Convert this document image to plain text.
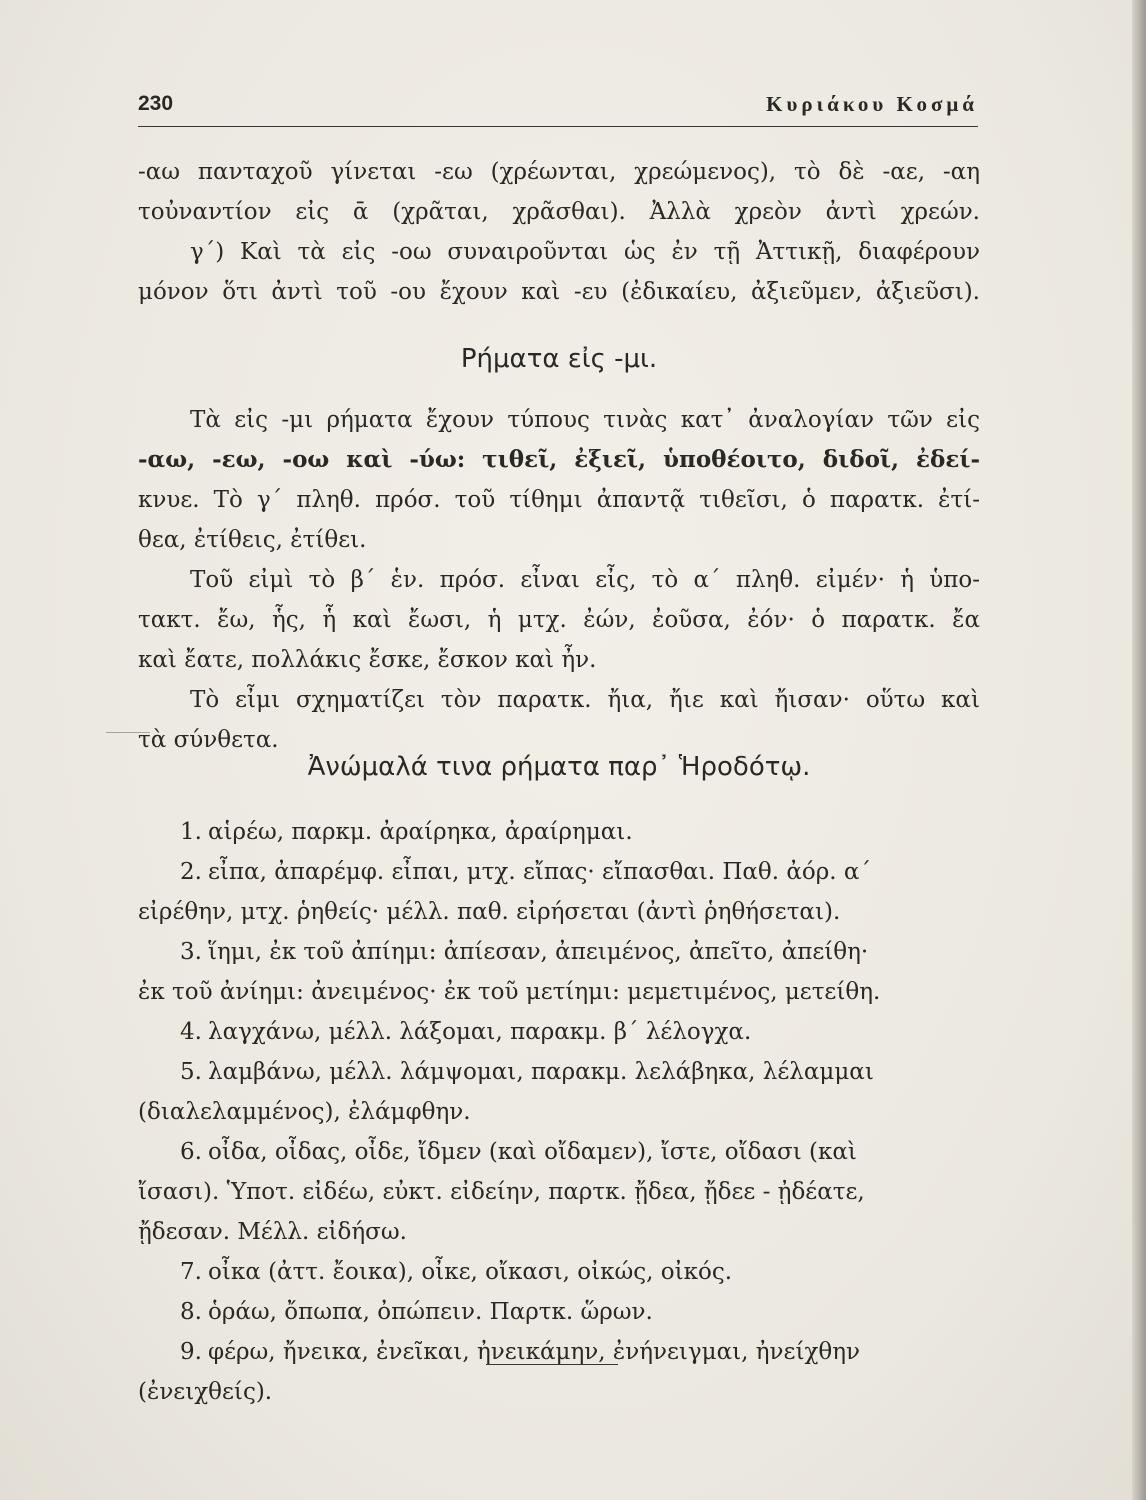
230	Κυριάκου Κοσμά
-αω πανταχοῦ γίνεται -εω (χρέωνται, χρεώμενος), τὸ δὲ -αε, -αη
τοὐναντίον εἰς ᾱ (χρᾶται, χρᾶσθαι). Ἀλλὰ χρεὸν ἀντὶ χρεών.
γ΄) Καὶ τὰ εἰς -οω συναιροῦνται ὡς ἐν τῇ Ἀττικῇ, διαφέρουν
μόνον ὅτι ἀντὶ τοῦ -ου ἔχουν καὶ -ευ (ἐδικαίευ, ἀξιεῦμεν, ἀξιεῦσι).
Ρήματα εἰς -μι.
Τὰ εἰς -μι ρήματα ἔχουν τύπους τινὰς κατ᾿ ἀναλογίαν τῶν εἰς
-αω, -εω, -οω καὶ -ύω: τιθεῖ, ἐξιεῖ, ὑποθέοιτο, διδοῖ, ἐδεί-
κνυε. Τὸ γ΄ πληθ. πρόσ. τοῦ τίθημι ἀπαντᾷ τιθεῖσι, ὁ παρατκ. ἐτί-
θεα, ἐτίθεις, ἐτίθει.
Τοῦ εἰμὶ τὸ β΄ ἑν. πρόσ. εἶναι εἶς, τὸ α΄ πληθ. εἰμέν· ἡ ὑπο-
τακτ. ἔω, ἧς, ἧ καὶ ἔωσι, ἡ μτχ. ἐών, ἐοῦσα, ἐόν· ὁ παρατκ. ἔα
καὶ ἔατε, πολλάκις ἔσκε, ἔσκον καὶ ἦν.
Τὸ εἶμι σχηματίζει τὸν παρατκ. ἤια, ἤιε καὶ ἤισαν· οὕτω καὶ
τὰ σύνθετα.
Ἀνώμαλά τινα ρήματα παρ᾿ Ἡροδότῳ.
1. αἱρέω, παρκμ. ἀραίρηκα, ἀραίρημαι.
2. εἶπα, ἀπαρέμφ. εἶπαι, μτχ. εἴπας· εἴπασθαι. Παθ. ἀόρ. α΄
εἰρέθην, μτχ. ῥηθείς· μέλλ. παθ. εἰρήσεται (ἀντὶ ῥηθήσεται).
3. ἵημι, ἐκ τοῦ ἀπίημι: ἀπίεσαν, ἀπειμένος, ἀπεῖτο, ἀπείθη·
ἐκ τοῦ ἀνίημι: ἀνειμένος· ἐκ τοῦ μετίημι: μεμετιμένος, μετείθη.
4. λαγχάνω, μέλλ. λάξομαι, παρακμ. β΄ λέλογχα.
5. λαμβάνω, μέλλ. λάμψομαι, παρακμ. λελάβηκα, λέλαμμαι
(διαλελαμμένος), ἐλάμφθην.
6. οἶδα, οἶδας, οἶδε, ἴδμεν (καὶ οἴδαμεν), ἴστε, οἴδασι (καὶ
ἴσασι). Ὑποτ. εἰδέω, εὐκτ. εἰδείην, παρτκ. ᾔδεα, ᾔδεε - ᾐδέατε,
ᾔδεσαν. Μέλλ. εἰδήσω.
7. οἶκα (ἀττ. ἔοικα), οἶκε, οἴκασι, οἰκώς, οἰκός.
8. ὁράω, ὄπωπα, ὀπώπειν. Παρτκ. ὥρων.
9. φέρω, ἤνεικα, ἐνεῖκαι, ἠνεικάμην, ἐνήνειγμαι, ἠνείχθην
(ἐνειχθείς).
